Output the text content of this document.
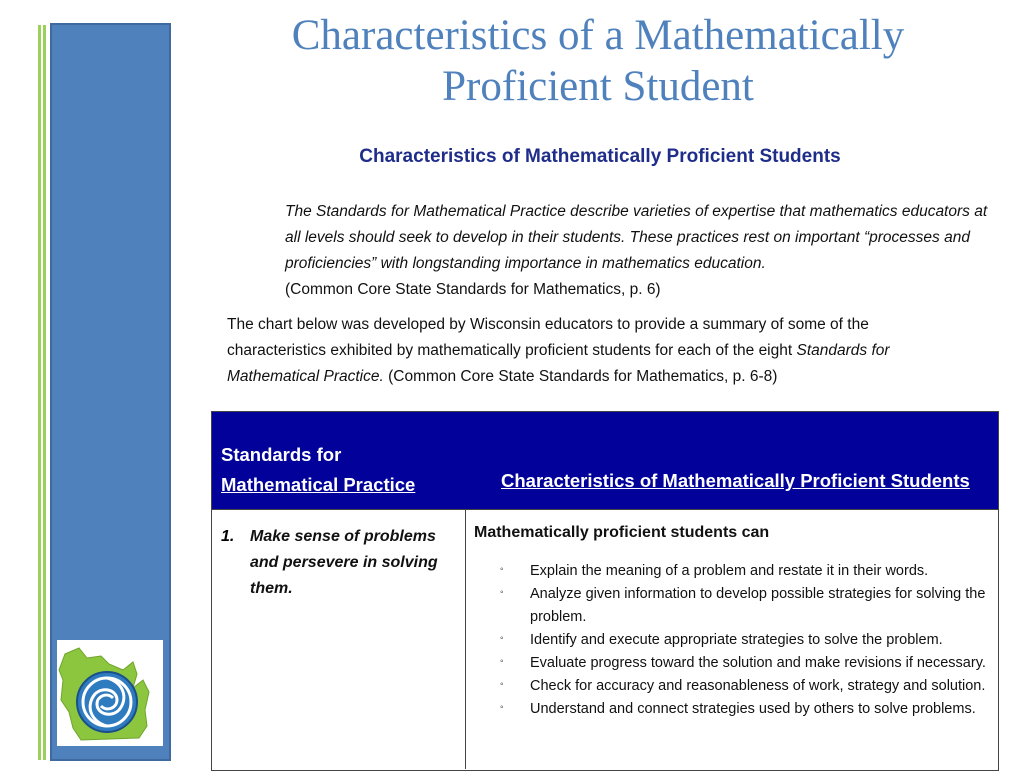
Characteristics of a Mathematically Proficient Student
Characteristics of Mathematically Proficient Students
The Standards for Mathematical Practice describe varieties of expertise that mathematics educators at all levels should seek to develop in their students. These practices rest on important “processes and proficiencies” with longstanding importance in mathematics education.
(Common Core State Standards for Mathematics, p. 6)
The chart below was developed by Wisconsin educators to provide a summary of some of the characteristics exhibited by mathematically proficient students for each of the eight Standards for Mathematical Practice. (Common Core State Standards for Mathematics, p. 6-8)
Standards for
Mathematical Practice	Characteristics of Mathematically Proficient Students
1. Make sense of problems and persevere in solving them.
Mathematically proficient students can
◦ Explain the meaning of a problem and restate it in their words.
◦ Analyze given information to develop possible strategies for solving the problem.
◦ Identify and execute appropriate strategies to solve the problem.
◦ Evaluate progress toward the solution and make revisions if necessary.
◦ Check for accuracy and reasonableness of work, strategy and solution.
◦ Understand and connect strategies used by others to solve problems.
